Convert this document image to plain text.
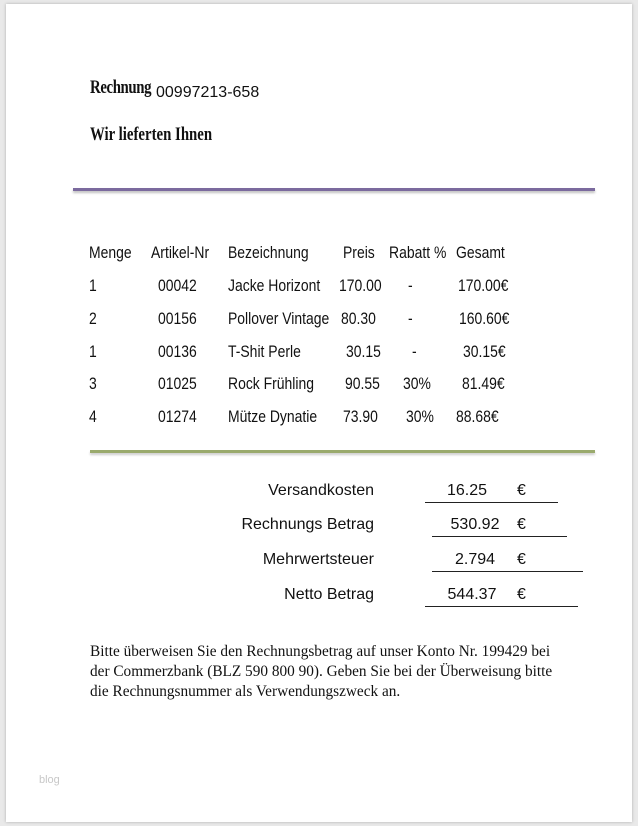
Rechnung 00997213-658
Wir lieferten Ihnen
Menge Artikel-Nr Bezeichnung Preis Rabatt % Gesamt
1	00042 Jacke Horizont 170.00 -	170.00€
2	00156 Pollover Vintage 80.30 -	160.60€
1	00136 T-Shit Perle	30.15 -	30.15€
3	01025 Rock Frühling 90.55 30% 81.49€
4	01274 Mütze Dynatie 73.90 30% 88.68€
Versandkosten	16.25	€
Rechnungs Betrag	530.92	€
Mehrwertsteuer	2.794	€
Netto Betrag	544.37	€
Bitte überweisen Sie den Rechnungsbetrag auf unser Konto Nr. 199429 bei der Commerzbank (BLZ 590 800 90). Geben Sie bei der Überweisung bitte die Rechnungsnummer als Verwendungszweck an.
blog
